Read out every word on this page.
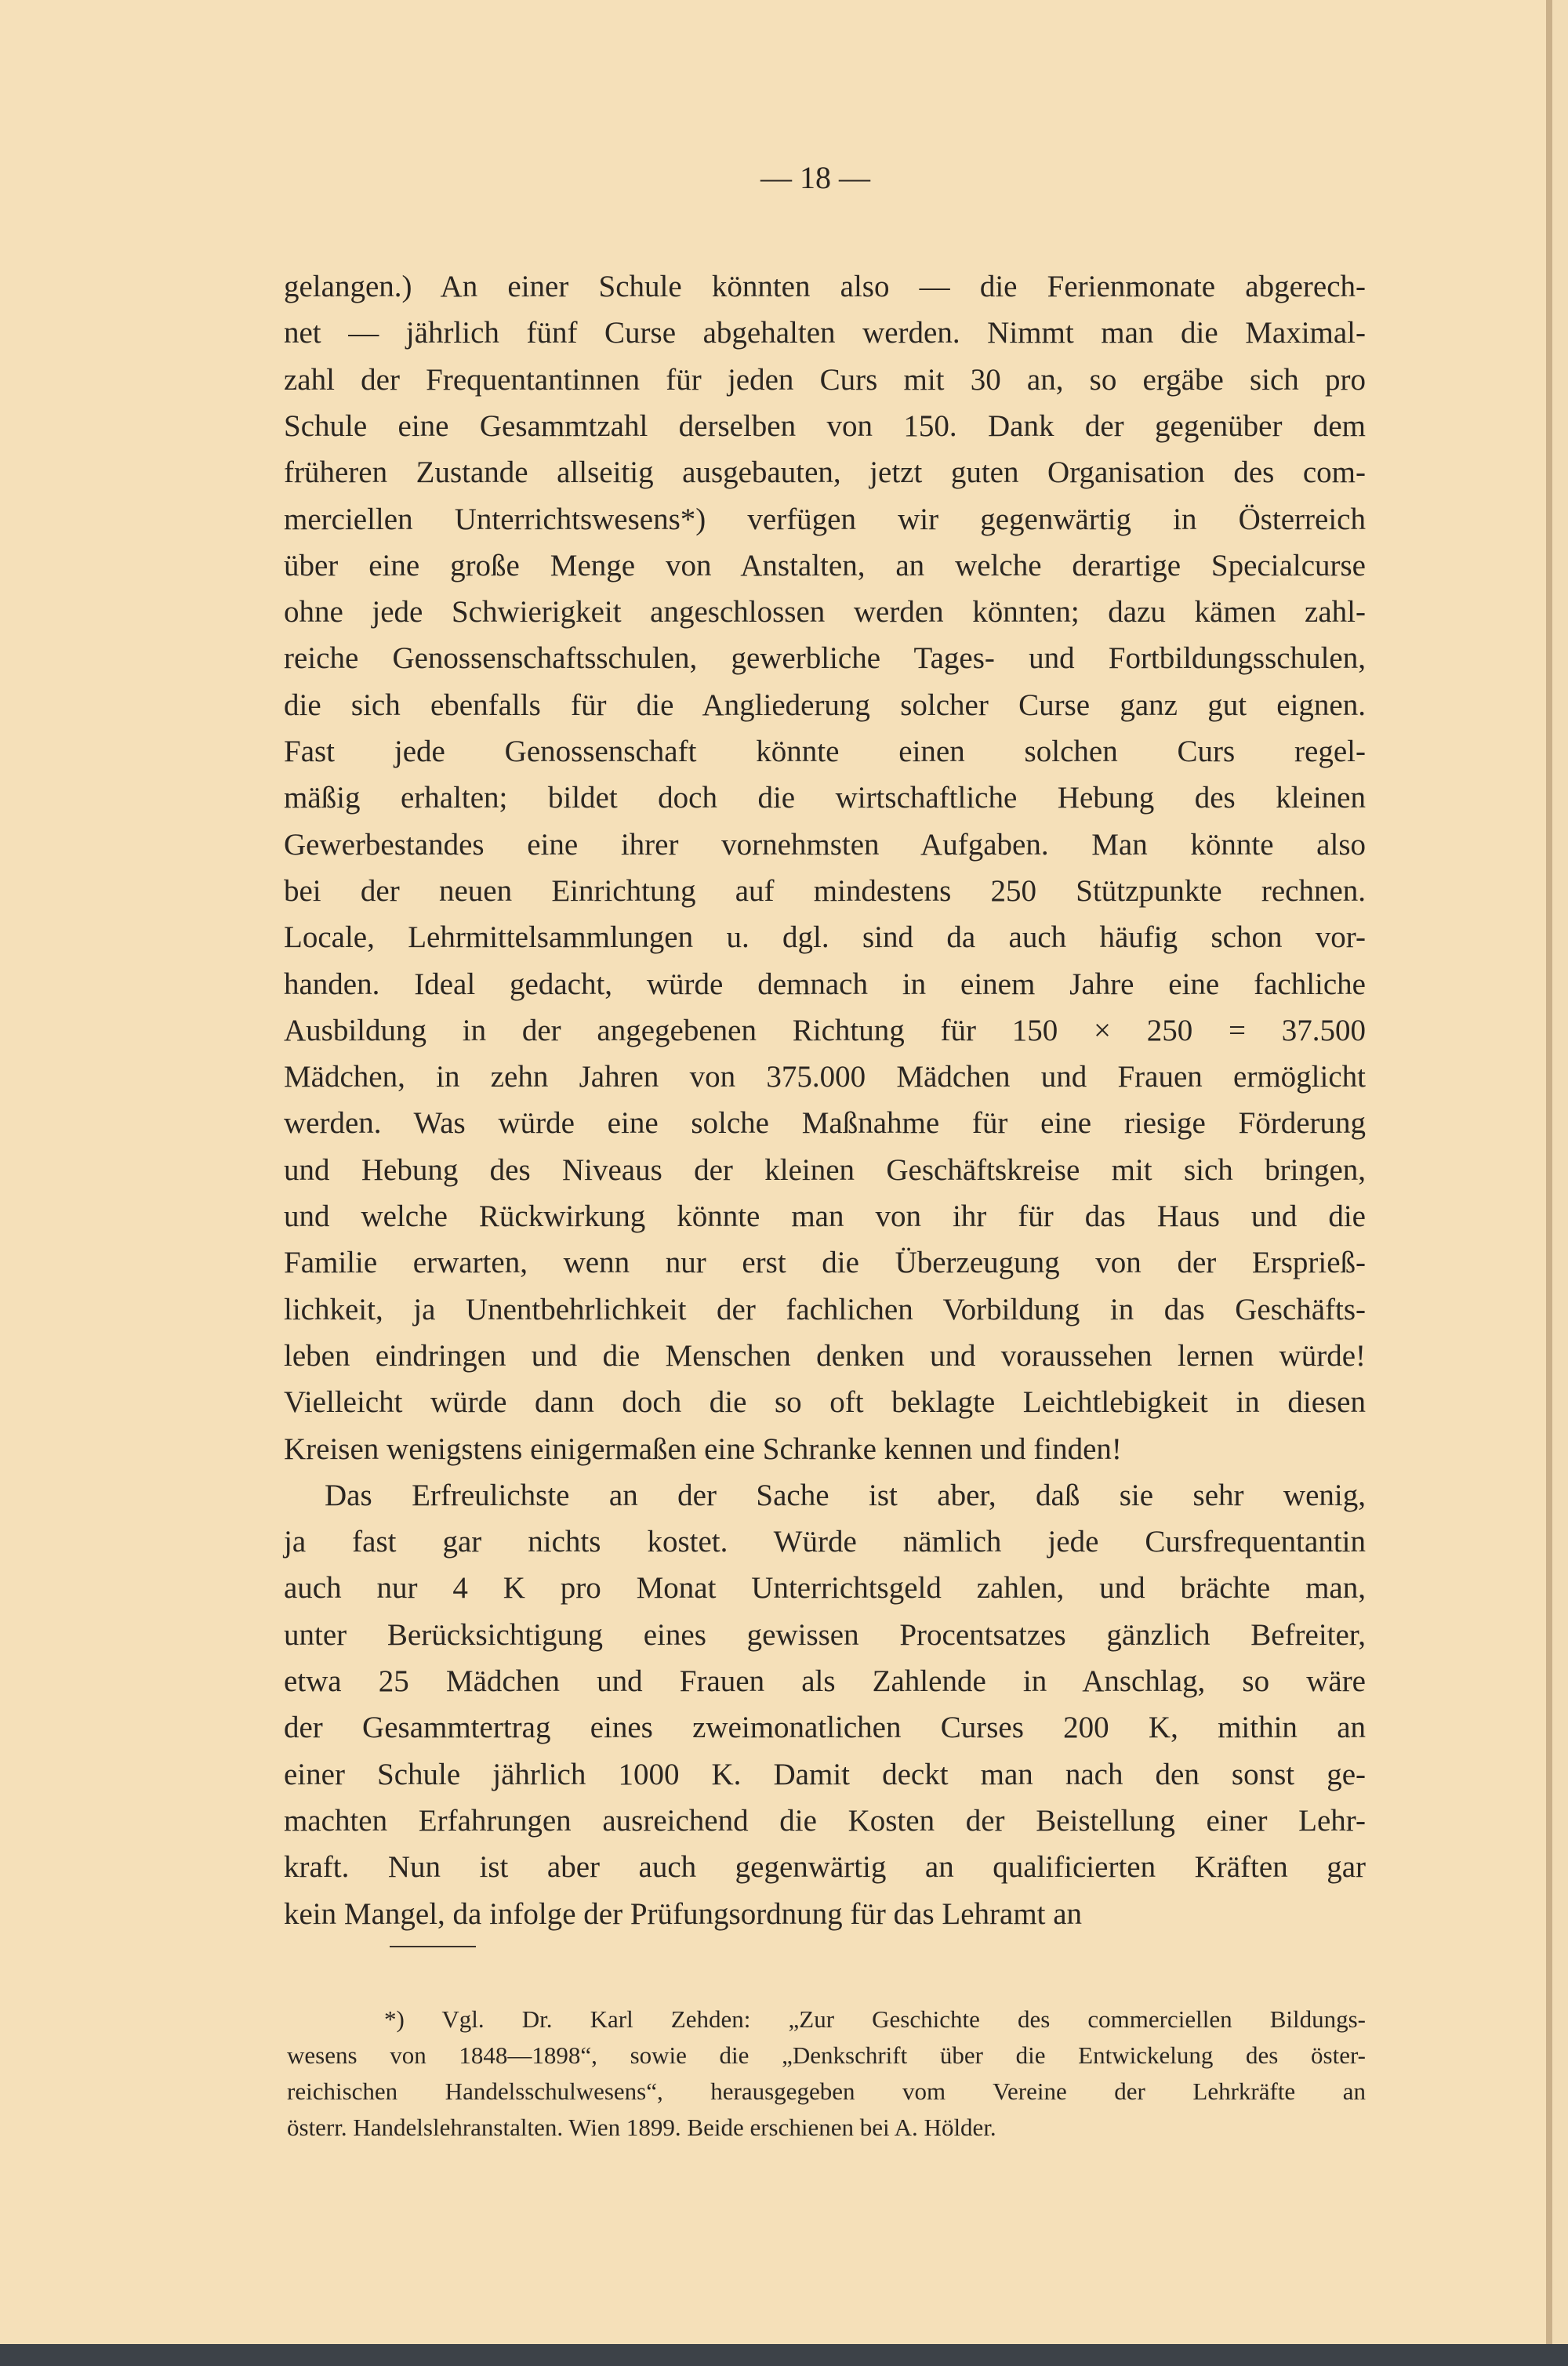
— 18 —
gelangen.) An einer Schule könnten also — die Ferienmonate abgerech-
net — jährlich fünf Curse abgehalten werden. Nimmt man die Maximal-
zahl der Frequentantinnen für jeden Curs mit 30 an, so ergäbe sich pro
Schule eine Gesammtzahl derselben von 150. Dank der gegenüber dem
früheren Zustande allseitig ausgebauten, jetzt guten Organisation des com-
merciellen Unterrichtswesens*) verfügen wir gegenwärtig in Österreich
über eine große Menge von Anstalten, an welche derartige Specialcurse
ohne jede Schwierigkeit angeschlossen werden könnten; dazu kämen zahl-
reiche Genossenschaftsschulen, gewerbliche Tages- und Fortbildungsschulen,
die sich ebenfalls für die Angliederung solcher Curse ganz gut eignen.
Fast jede Genossenschaft könnte einen solchen Curs regel-
mäßig erhalten; bildet doch die wirtschaftliche Hebung des kleinen
Gewerbestandes eine ihrer vornehmsten Aufgaben. Man könnte also
bei der neuen Einrichtung auf mindestens 250 Stützpunkte rechnen.
Locale, Lehrmittelsammlungen u. dgl. sind da auch häufig schon vor-
handen. Ideal gedacht, würde demnach in einem Jahre eine fachliche
Ausbildung in der angegebenen Richtung für 150 × 250 = 37.500
Mädchen, in zehn Jahren von 375.000 Mädchen und Frauen ermöglicht
werden. Was würde eine solche Maßnahme für eine riesige Förderung
und Hebung des Niveaus der kleinen Geschäftskreise mit sich bringen,
und welche Rückwirkung könnte man von ihr für das Haus und die
Familie erwarten, wenn nur erst die Überzeugung von der Ersprieß-
lichkeit, ja Unentbehrlichkeit der fachlichen Vorbildung in das Geschäfts-
leben eindringen und die Menschen denken und voraussehen lernen würde!
Vielleicht würde dann doch die so oft beklagte Leichtlebigkeit in diesen
Kreisen wenigstens einigermaßen eine Schranke kennen und finden!
Das Erfreulichste an der Sache ist aber, daß sie sehr wenig,
ja fast gar nichts kostet. Würde nämlich jede Cursfrequentantin
auch nur 4 K pro Monat Unterrichtsgeld zahlen, und brächte man,
unter Berücksichtigung eines gewissen Procentsatzes gänzlich Befreiter,
etwa 25 Mädchen und Frauen als Zahlende in Anschlag, so wäre
der Gesammtertrag eines zweimonatlichen Curses 200 K, mithin an
einer Schule jährlich 1000 K. Damit deckt man nach den sonst ge-
machten Erfahrungen ausreichend die Kosten der Beistellung einer Lehr-
kraft. Nun ist aber auch gegenwärtig an qualificierten Kräften gar
kein Mangel, da infolge der Prüfungsordnung für das Lehramt an
*) Vgl. Dr. Karl Zehden: „Zur Geschichte des commerciellen Bildungs-
wesens von 1848—1898“, sowie die „Denkschrift über die Entwickelung des öster-
reichischen Handelsschulwesens“, herausgegeben vom Vereine der Lehrkräfte an
österr. Handelslehranstalten. Wien 1899. Beide erschienen bei A. Hölder.
